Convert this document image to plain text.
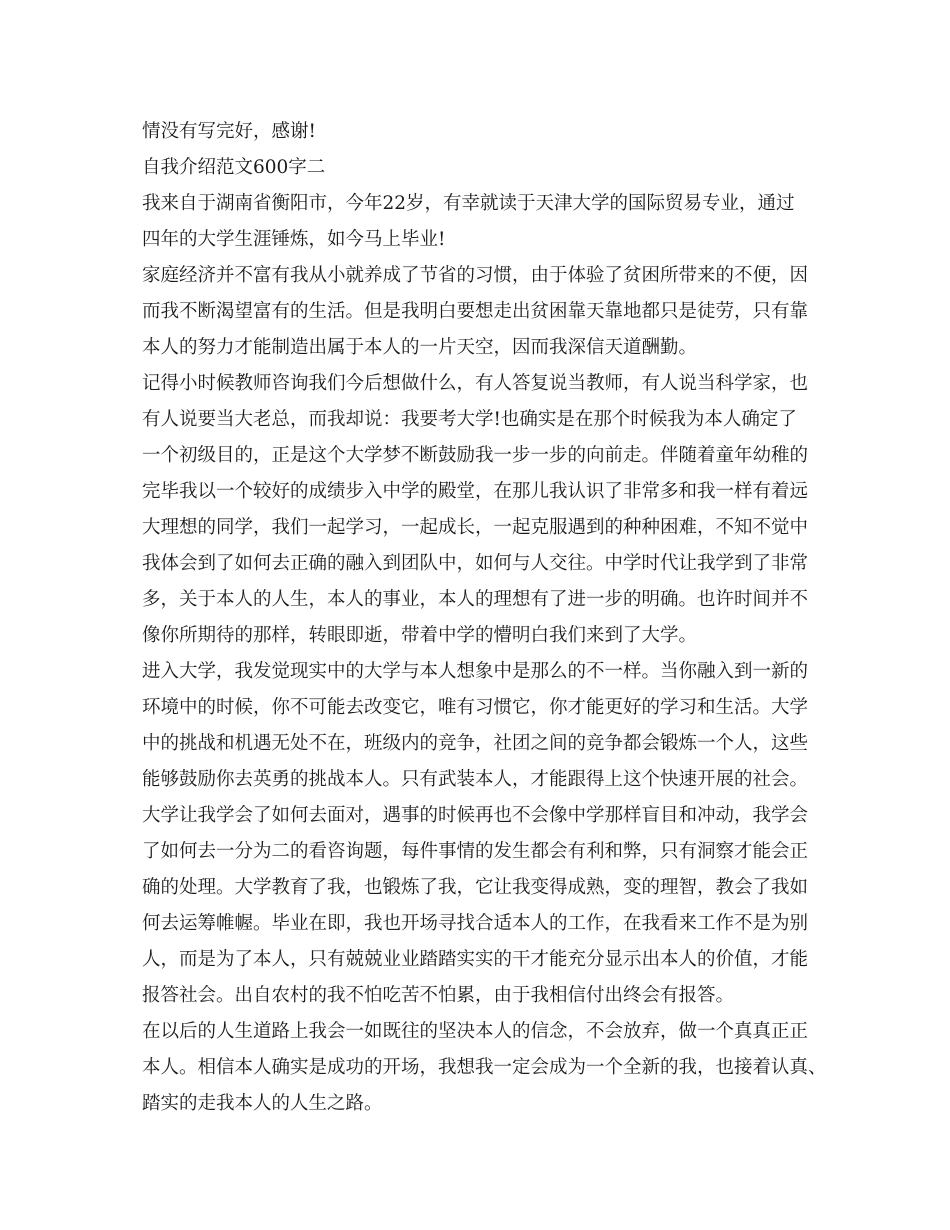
情没有写完好，感谢!
自我介绍范文600字二
我来自于湖南省衡阳市，今年22岁，有幸就读于天津大学的国际贸易专业，通过
四年的大学生涯锤炼，如今马上毕业!
家庭经济并不富有我从小就养成了节省的习惯，由于体验了贫困所带来的不便，因
而我不断渴望富有的生活。但是我明白要想走出贫困靠天靠地都只是徒劳，只有靠
本人的努力才能制造出属于本人的一片天空，因而我深信天道酬勤。
记得小时候教师咨询我们今后想做什么，有人答复说当教师，有人说当科学家，也
有人说要当大老总，而我却说：我要考大学!也确实是在那个时候我为本人确定了
一个初级目的，正是这个大学梦不断鼓励我一步一步的向前走。伴随着童年幼稚的
完毕我以一个较好的成绩步入中学的殿堂，在那儿我认识了非常多和我一样有着远
大理想的同学，我们一起学习，一起成长，一起克服遇到的种种困难，不知不觉中
我体会到了如何去正确的融入到团队中，如何与人交往。中学时代让我学到了非常
多，关于本人的人生，本人的事业，本人的理想有了进一步的明确。也许时间并不
像你所期待的那样，转眼即逝，带着中学的懵明白我们来到了大学。
进入大学，我发觉现实中的大学与本人想象中是那么的不一样。当你融入到一新的
环境中的时候，你不可能去改变它，唯有习惯它，你才能更好的学习和生活。大学
中的挑战和机遇无处不在，班级内的竞争，社团之间的竞争都会锻炼一个人，这些
能够鼓励你去英勇的挑战本人。只有武装本人，才能跟得上这个快速开展的社会。
大学让我学会了如何去面对，遇事的时候再也不会像中学那样盲目和冲动，我学会
了如何去一分为二的看咨询题，每件事情的发生都会有利和弊，只有洞察才能会正
确的处理。大学教育了我，也锻炼了我，它让我变得成熟，变的理智，教会了我如
何去运筹帷幄。毕业在即，我也开场寻找合适本人的工作，在我看来工作不是为别
人，而是为了本人，只有兢兢业业踏踏实实的干才能充分显示出本人的价值，才能
报答社会。出自农村的我不怕吃苦不怕累，由于我相信付出终会有报答。
在以后的人生道路上我会一如既往的坚决本人的信念，不会放弃，做一个真真正正
本人。相信本人确实是成功的开场，我想我一定会成为一个全新的我，也接着认真、
踏实的走我本人的人生之路。
